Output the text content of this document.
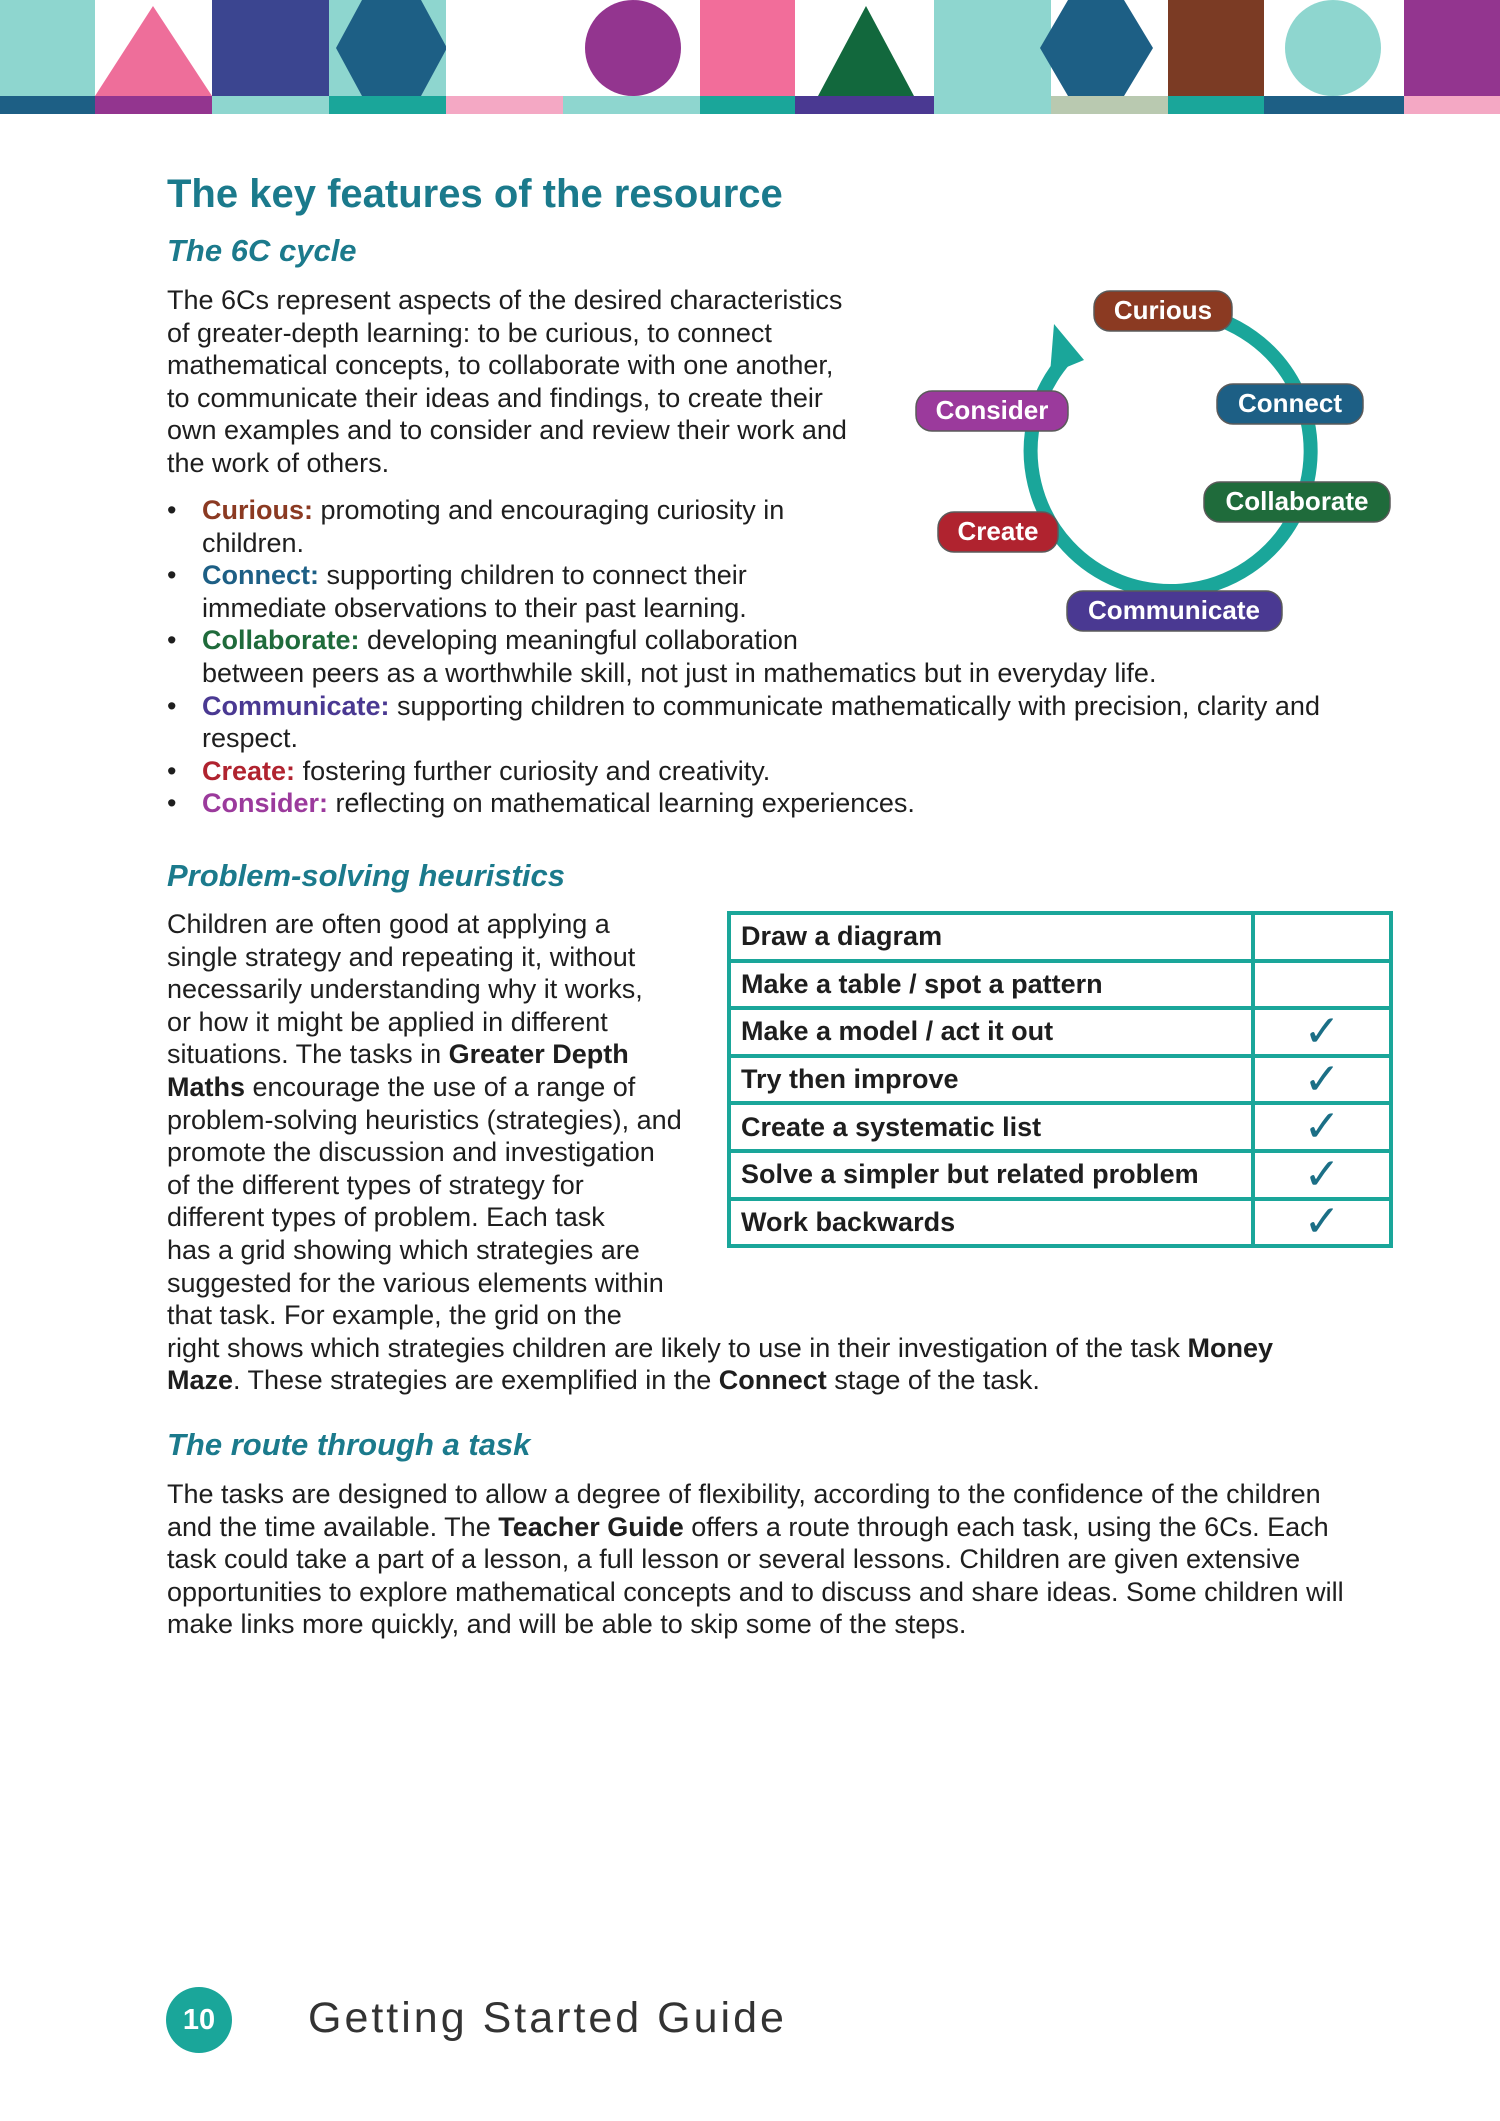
The key features of the resource
The 6C cycle

The 6Cs represent aspects of the desired characteristics
of greater-depth learning: to be curious, to connect
mathematical concepts, to collaborate with one another,
to communicate their ideas and findings, to create their
own examples and to consider and review their work and
the work of others.

Curious
Connect
Collaborate
Communicate
Create
Consider
• Curious: promoting and encouraging curiosity in
children.
• Connect: supporting children to connect their
immediate observations to their past learning.
• Collaborate: developing meaningful collaboration
between peers as a worthwhile skill, not just in mathematics but in everyday life.
• Communicate: supporting children to communicate mathematically with precision, clarity and
respect.
• Create: fostering further curiosity and creativity.
• Consider: reflecting on mathematical learning experiences.
Problem-solving heuristics

Children are often good at applying a
single strategy and repeating it, without
necessarily understanding why it works,
or how it might be applied in different
situations. The tasks in Greater Depth
Maths encourage the use of a range of
problem-solving heuristics (strategies), and
promote the discussion and investigation
of the different types of strategy for
different types of problem. Each task
has a grid showing which strategies are
suggested for the various elements within
that task. For example, the grid on the
right shows which strategies children are likely to use in their investigation of the task Money
Maze. These strategies are exemplified in the Connect stage of the task.

Draw a diagram	
Make a table / spot a pattern	
Make a model / act it out	✓
Try then improve	✓
Create a systematic list	✓
Solve a simpler but related problem	✓
Work backwards	✓
The route through a task

The tasks are designed to allow a degree of flexibility, according to the confidence of the children
and the time available. The Teacher Guide offers a route through each task, using the 6Cs. Each
task could take a part of a lesson, a full lesson or several lessons. Children are given extensive
opportunities to explore mathematical concepts and to discuss and share ideas. Some children will
make links more quickly, and will be able to skip some of the steps.

10	Getting Started Guide
